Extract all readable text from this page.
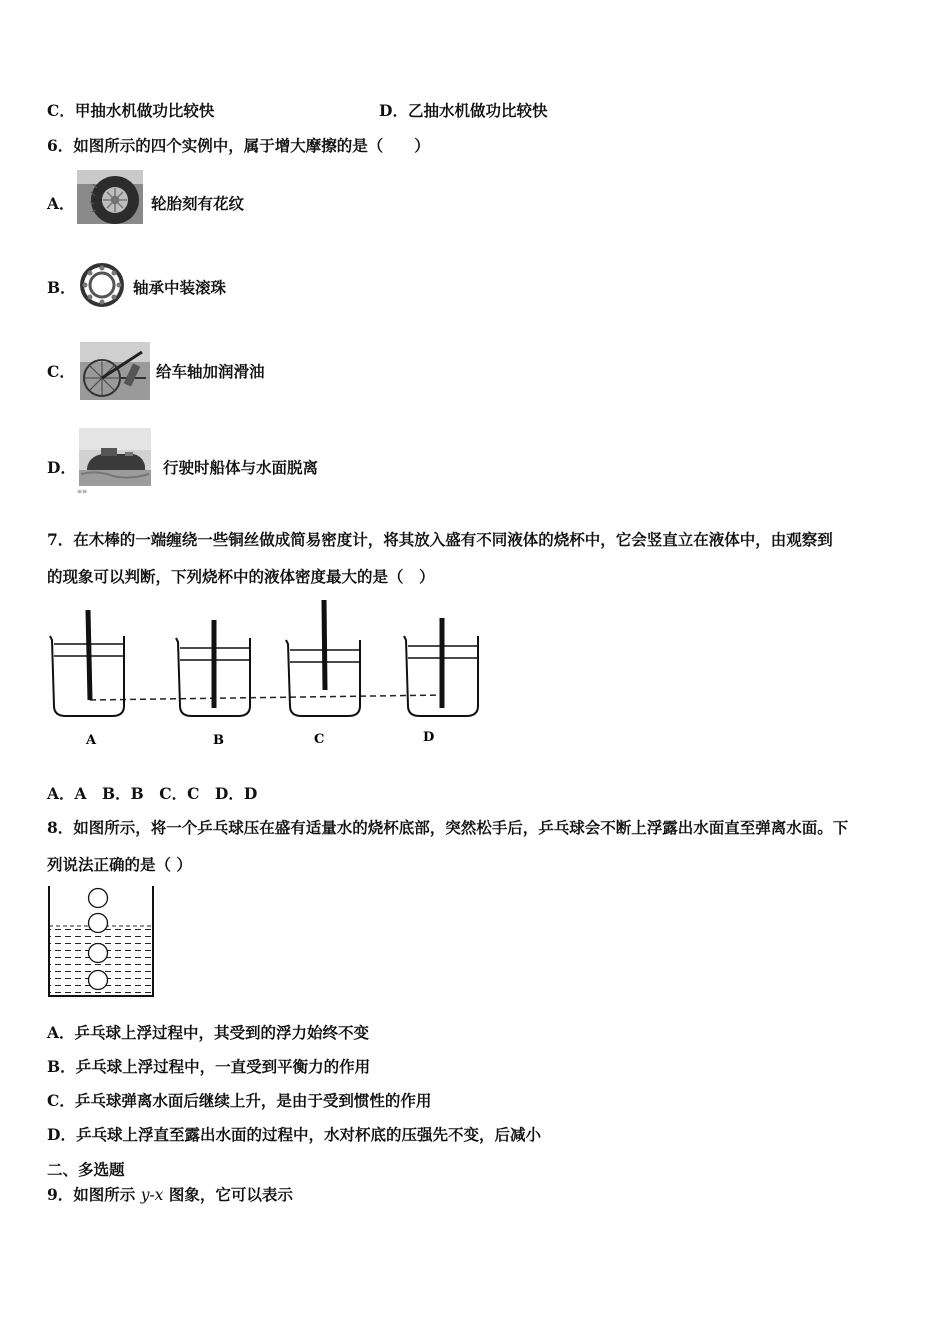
C．甲抽水机做功比较快	D．乙抽水机做功比较快
6．如图所示的四个实例中，属于增大摩擦的是（　　）
A．	轮胎刻有花纹
B．	轴承中装滚珠
C．	给车轴加润滑油
D．
≡≡
行驶时船体与水面脱离
7．在木棒的一端缠绕一些铜丝做成简易密度计，将其放入盛有不同液体的烧杯中，它会竖直立在液体中，由观察到
的现象可以判断，下列烧杯中的液体密度最大的是（　）
A	B	C	D
A．A　B．B　C．C　D．D
8．如图所示，将一个乒乓球压在盛有适量水的烧杯底部，突然松手后，乒乓球会不断上浮露出水面直至弹离水面。下
列说法正确的是（ ）
A．乒乓球上浮过程中，其受到的浮力始终不变
B．乒乓球上浮过程中，一直受到平衡力的作用
C．乒乓球弹离水面后继续上升，是由于受到惯性的作用
D．乒乓球上浮直至露出水面的过程中，水对杯底的压强先不变，后减小
二、多选题
9．如图所示 y-x 图象，它可以表示
